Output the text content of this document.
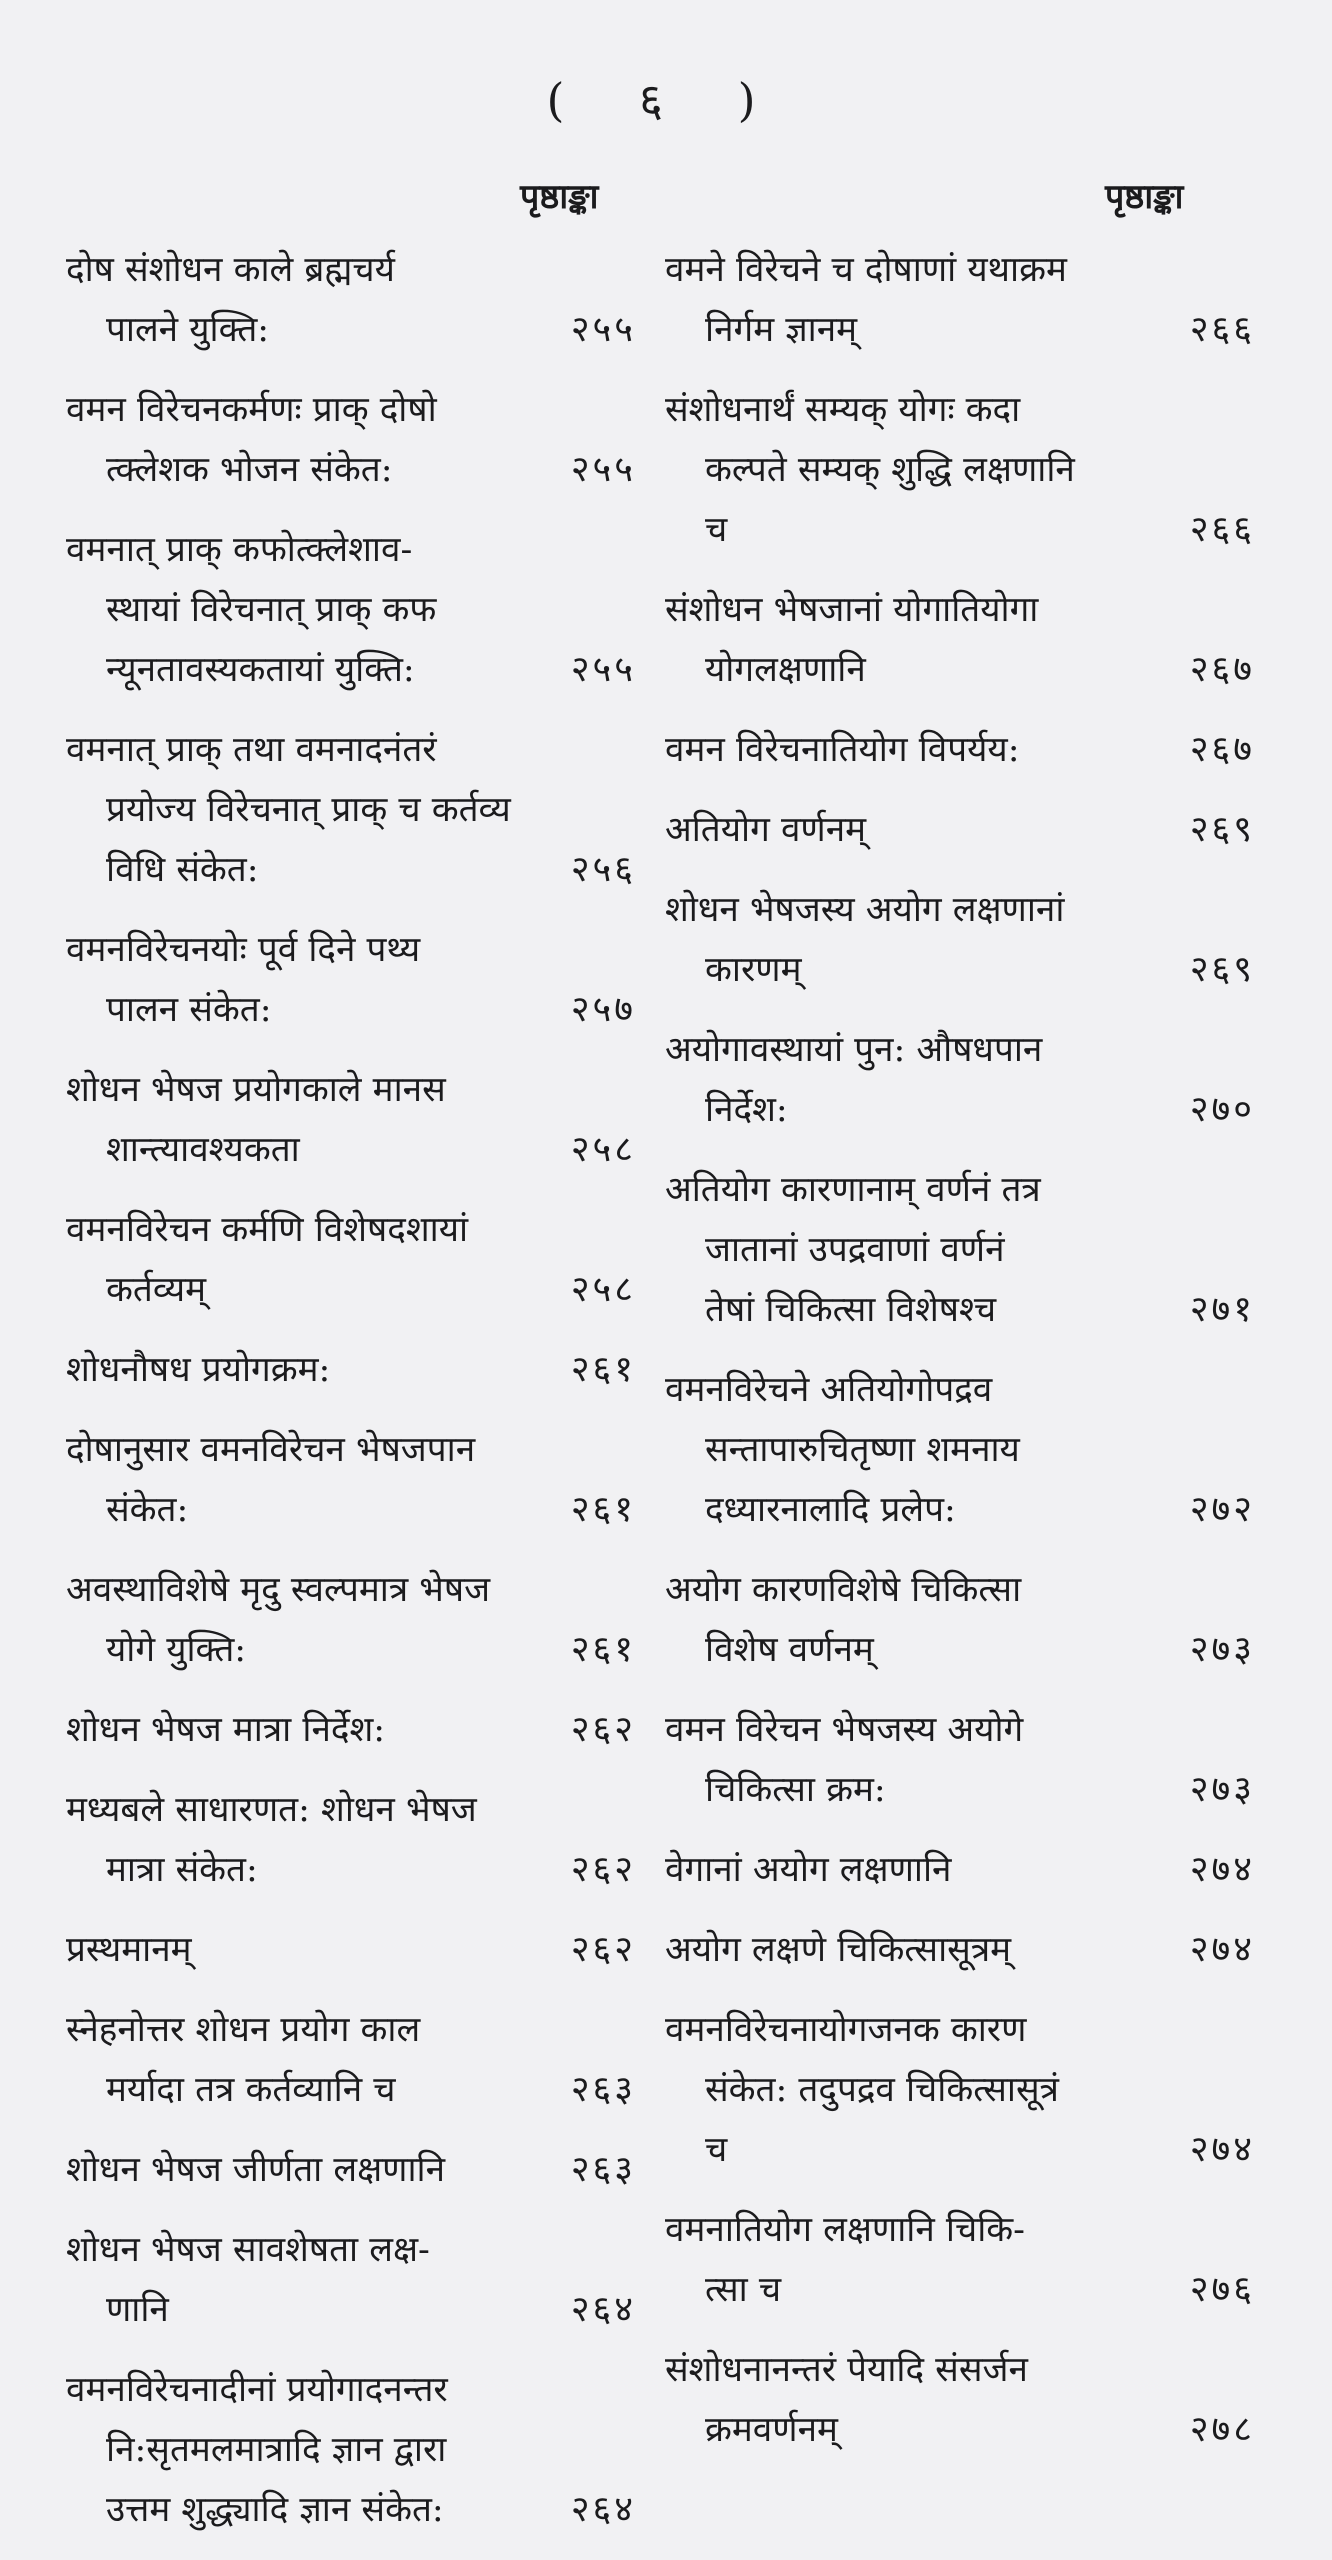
( ६ )
पृष्ठाङ्का	पृष्ठाङ्का
दोष संशोधन काले ब्रह्मचर्य
पालने युक्ति:	२५५
वमन विरेचनकर्मणः प्राक् दोषो
त्क्लेशक भोजन संकेत:	२५५
वमनात् प्राक् कफोत्क्लेशाव-
स्थायां विरेचनात् प्राक् कफ
न्यूनतावस्यकतायां युक्ति:	२५५
वमनात् प्राक् तथा वमनादनंतरं
प्रयोज्य विरेचनात् प्राक् च कर्तव्य
विधि संकेत:	२५६
वमनविरेचनयोः पूर्व दिने पथ्य
पालन संकेत:	२५७
शोधन भेषज प्रयोगकाले मानस
शान्त्यावश्यकता	२५८
वमनविरेचन कर्मणि विशेषदशायां
कर्तव्यम्	२५८
शोधनौषध प्रयोगक्रम:	२६१
दोषानुसार वमनविरेचन भेषजपान
संकेत:	२६१
अवस्थाविशेषे मृदु स्वल्पमात्र भेषज
योगे युक्ति:	२६१
शोधन भेषज मात्रा निर्देश:	२६२
मध्यबले साधारणत: शोधन भेषज
मात्रा संकेत:	२६२
प्रस्थमानम्	२६२
स्नेहनोत्तर शोधन प्रयोग काल
मर्यादा तत्र कर्तव्यानि च	२६३
शोधन भेषज जीर्णता लक्षणानि	२६३
शोधन भेषज सावशेषता लक्ष-
णानि	२६४
वमनविरेचनादीनां प्रयोगादनन्तर
नि:सृतमलमात्रादि ज्ञान द्वारा
उत्तम शुद्ध्यादि ज्ञान संकेत:	२६४
वमने विरेचने च दोषाणां यथाक्रम
निर्गम ज्ञानम्	२६६
संशोधनार्थं सम्यक् योगः कदा
कल्पते सम्यक् शुद्धि लक्षणानि
च	२६६
संशोधन भेषजानां योगातियोगा
योगलक्षणानि	२६७
वमन विरेचनातियोग विपर्यय:	२६७
अतियोग वर्णनम्	२६९
शोधन भेषजस्य अयोग लक्षणानां
कारणम्	२६९
अयोगावस्थायां पुन: औषधपान
निर्देश:	२७०
अतियोग कारणानाम् वर्णनं तत्र
जातानां उपद्रवाणां वर्णनं
तेषां चिकित्सा विशेषश्च	२७१
वमनविरेचने अतियोगोपद्रव
सन्तापारुचितृष्णा शमनाय
दध्यारनालादि प्रलेप:	२७२
अयोग कारणविशेषे चिकित्सा
विशेष वर्णनम्	२७३
वमन विरेचन भेषजस्य अयोगे
चिकित्सा क्रम:	२७३
वेगानां अयोग लक्षणानि	२७४
अयोग लक्षणे चिकित्सासूत्रम्	२७४
वमनविरेचनायोगजनक कारण
संकेत: तदुपद्रव चिकित्सासूत्रं
च	२७४
वमनातियोग लक्षणानि चिकि-
त्सा च	२७६
संशोधनानन्तरं पेयादि संसर्जन
क्रमवर्णनम्	२७८
